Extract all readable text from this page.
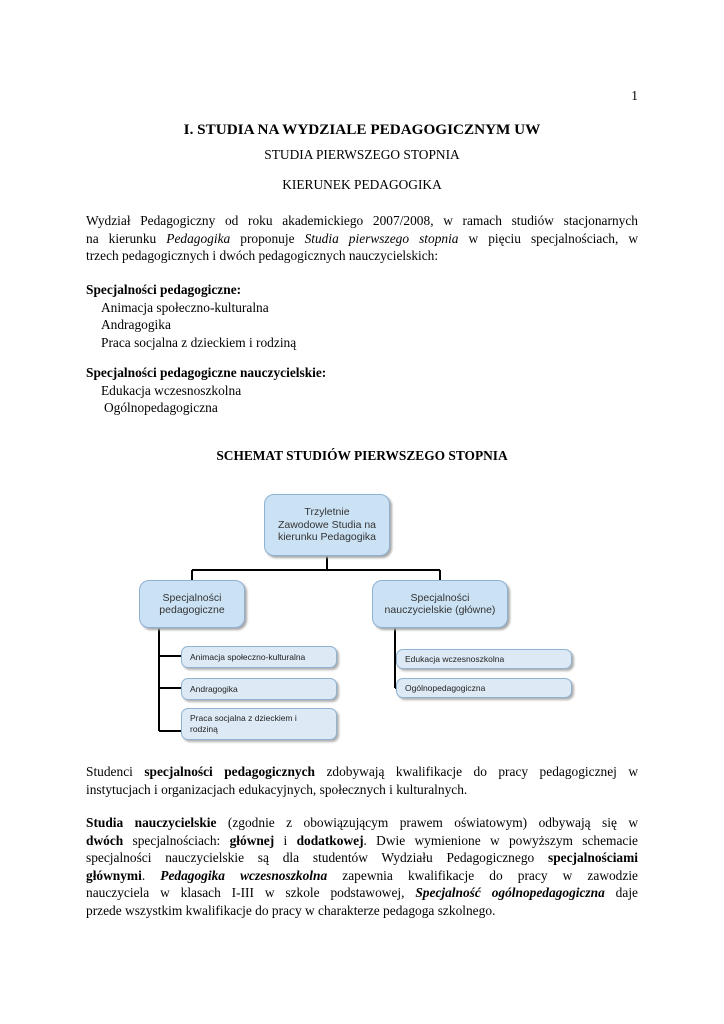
1
I. STUDIA NA WYDZIALE PEDAGOGICZNYM UW
STUDIA PIERWSZEGO STOPNIA
KIERUNEK PEDAGOGIKA
Wydział Pedagogiczny od roku akademickiego 2007/2008, w ramach studiów stacjonarnych
na kierunku Pedagogika proponuje Studia pierwszego stopnia w pięciu specjalnościach, w
trzech pedagogicznych i dwóch pedagogicznych nauczycielskich:
Specjalności pedagogiczne:
Animacja społeczno-kulturalna
Andragogika
Praca socjalna z dzieckiem i rodziną
Specjalności pedagogiczne nauczycielskie:
Edukacja wczesnoszkolna
Ogólnopedagogiczna
SCHEMAT STUDIÓW PIERWSZEGO STOPNIA
Trzyletnie
Zawodowe Studia na
kierunku Pedagogika
Specjalności
pedagogiczne
Specjalności
nauczycielskie (główne)
Animacja społeczno-kulturalna
Andragogika
Praca socjalna z dzieckiem i
rodziną
Edukacja wczesnoszkolna
Ogólnopedagogiczna
Studenci specjalności pedagogicznych zdobywają kwalifikacje do pracy pedagogicznej w
instytucjach i organizacjach edukacyjnych, społecznych i kulturalnych.
Studia nauczycielskie (zgodnie z obowiązującym prawem oświatowym) odbywają się w
dwóch specjalnościach: głównej i dodatkowej. Dwie wymienione w powyższym schemacie
specjalności nauczycielskie są dla studentów Wydziału Pedagogicznego specjalnościami
głównymi. Pedagogika wczesnoszkolna zapewnia kwalifikacje do pracy w zawodzie
nauczyciela w klasach I-III w szkole podstawowej, Specjalność ogólnopedagogiczna daje
przede wszystkim kwalifikacje do pracy w charakterze pedagoga szkolnego.
